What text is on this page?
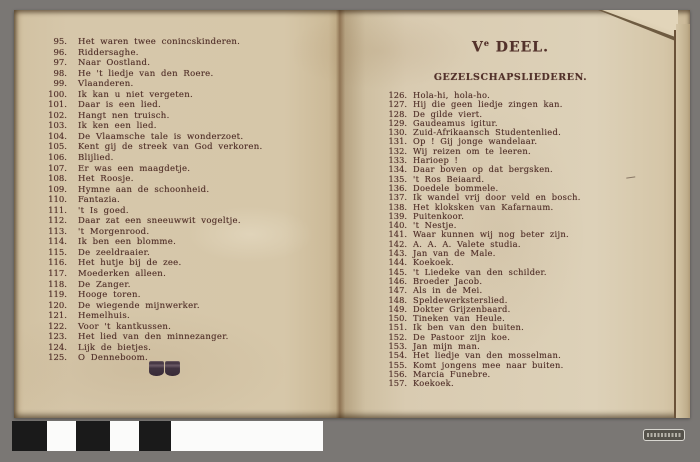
95. Het waren twee conincskinderen.
96. Riddersaghe.
97. Naar Oostland.
98. He 't liedje van den Roere.
99. Vlaanderen.
100. Ik kan u niet vergeten.
101. Daar is een lied.
102. Hangt nen truisch.
103. Ik ken een lied.
104. De Vlaamsche tale is wonderzoet.
105. Kent gij de streek van God verkoren.
106. Blijlied.
107. Er was een maagdetje.
108. Het Roosje.
109. Hymne aan de schoonheid.
110. Fantazia.
111. 't Is goed.
112. Daar zat een sneeuwwit vogeltje.
113. 't Morgenrood.
114. Ik ben een blomme.
115. De zeeldraaier.
116. Het hutje bij de zee.
117. Moederken alleen.
118. De Zanger.
119. Hooge toren.
120. De wiegende mijnwerker.
121. Hemelhuis.
122. Voor 't kantkussen.
123. Het lied van den minnezanger.
124. Lijk de bietjes.
125. O Denneboom.
Ve DEEL.
GEZELSCHAPSLIEDEREN.
126. Hola-hi, hola-ho.
127. Hij die geen liedje zingen kan.
128. De gilde viert.
129. Gaudeamus igitur.
130. Zuid-Afrikaansch Studentenlied.
131. Op ! Gij jonge wandelaar.
132. Wij reizen om te leeren.
133. Harioep !
134. Daar boven op dat bergsken.
135. 't Ros Beiaard.
136. Doedele bommele.
137. Ik wandel vrij door veld en bosch.
138. Het kloksken van Kafarnaum.
139. Puitenkoor.
140. 't Nestje.
141. Waar kunnen wij nog beter zijn.
142. A. A. A. Valete studia.
143. Jan van de Male.
144. Koekoek.
145. 't Liedeke van den schilder.
146. Broeder Jacob.
147. Als in de Mei.
148. Speldewerksterslied.
149. Dokter Grijzenbaard.
150. Tineken van Heule.
151. Ik ben van den buiten.
152. De Pastoor zijn koe.
153. Jan mijn man.
154. Het liedje van den mosselman.
155. Komt jongens mee naar buiten.
156. Marcia Funebre.
157. Koekoek.
